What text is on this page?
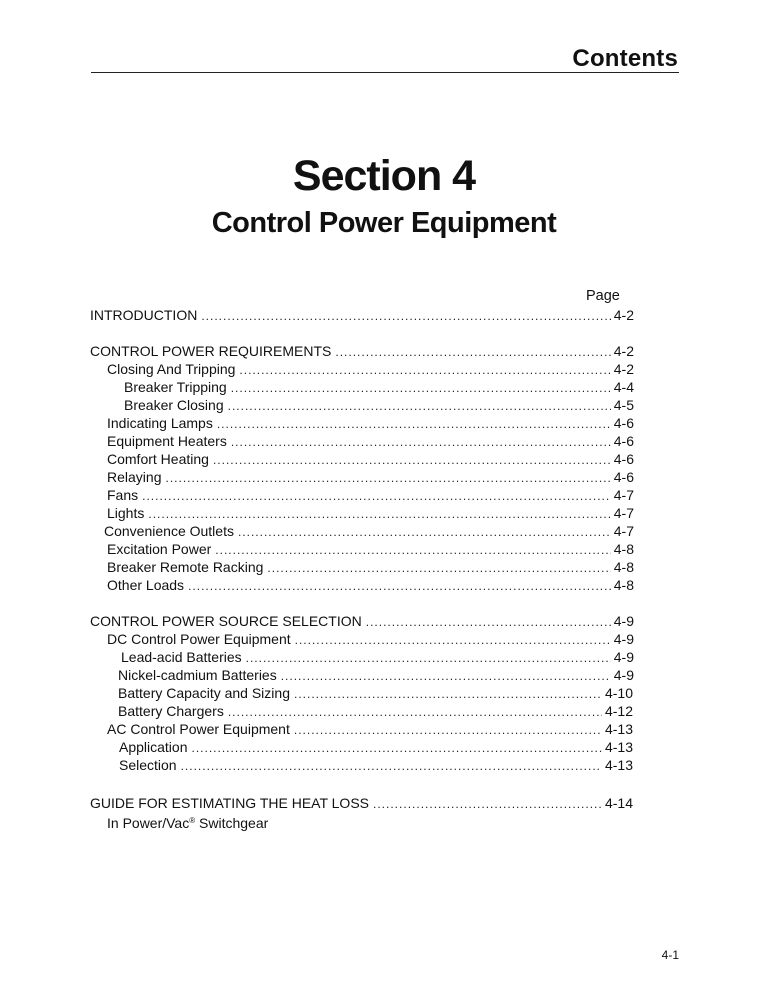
Contents
Section 4
Control Power Equipment
Page
INTRODUCTION .....	4-2
CONTROL POWER REQUIREMENTS .....	4-2
Closing And Tripping .....	4-2
Breaker Tripping .....	4-4
Breaker Closing .....	4-5
Indicating Lamps .....	4-6
Equipment Heaters .....	4-6
Comfort Heating .....	4-6
Relaying .....	4-6
Fans .....	4-7
Lights .....	4-7
Convenience Outlets .....	4-7
Excitation Power .....	4-8
Breaker Remote Racking .....	4-8
Other Loads .....	4-8
CONTROL POWER SOURCE SELECTION .....	4-9
DC Control Power Equipment .....	4-9
Lead-acid Batteries .....	4-9
Nickel-cadmium Batteries .....	4-9
Battery Capacity and Sizing .....	4-10
Battery Chargers .....	4-12
AC Control Power Equipment .....	4-13
Application .....	4-13
Selection .....	4-13
GUIDE FOR ESTIMATING THE HEAT LOSS .....	4-14
In Power/Vac® Switchgear
4-1
